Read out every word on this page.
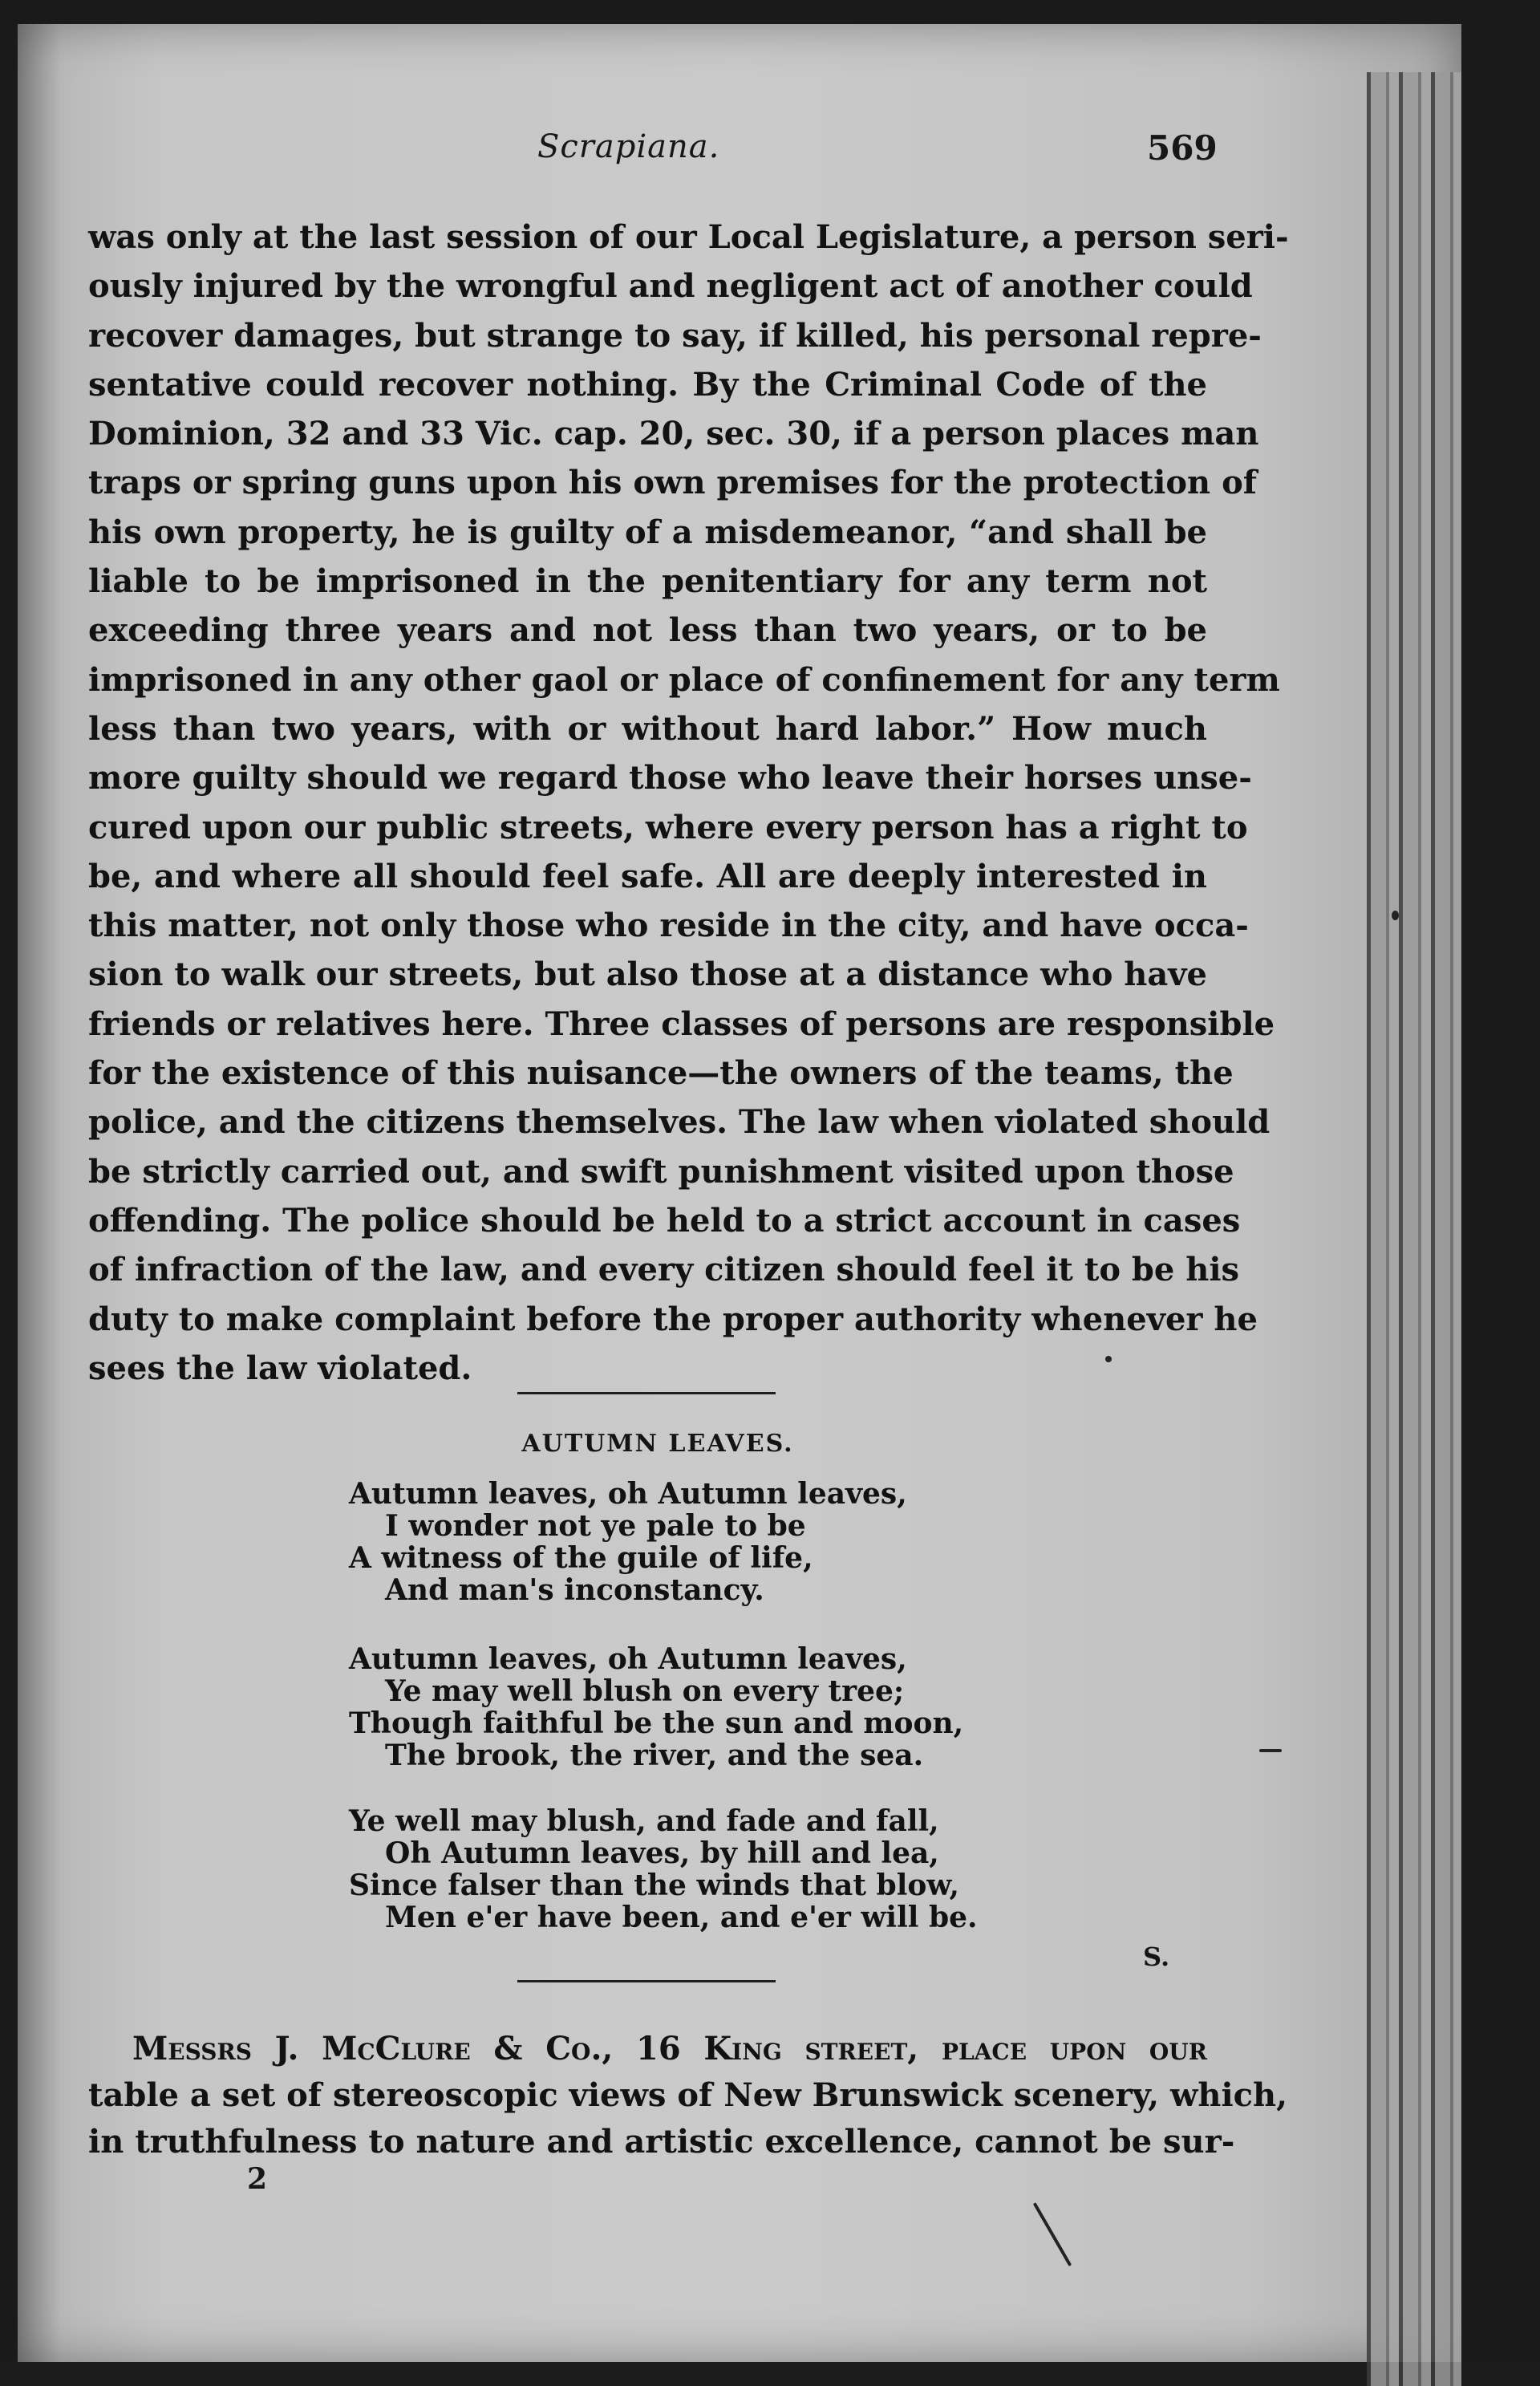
Scrapiana.	569
was only at the last session of our Local Legislature, a person seri-
ously injured by the wrongful and negligent act of another could
recover damages, but strange to say, if killed, his personal repre-
sentative could recover nothing. By the Criminal Code of the
Dominion, 32 and 33 Vic. cap. 20, sec. 30, if a person places man
traps or spring guns upon his own premises for the protection of
his own property, he is guilty of a misdemeanor, “and shall be
liable to be imprisoned in the penitentiary for any term not
exceeding three years and not less than two years, or to be
imprisoned in any other gaol or place of confinement for any term
less than two years, with or without hard labor.” How much
more guilty should we regard those who leave their horses unse-
cured upon our public streets, where every person has a right to
be, and where all should feel safe. All are deeply interested in
this matter, not only those who reside in the city, and have occa-
sion to walk our streets, but also those at a distance who have
friends or relatives here. Three classes of persons are responsible
for the existence of this nuisance—the owners of the teams, the
police, and the citizens themselves. The law when violated should
be strictly carried out, and swift punishment visited upon those
offending. The police should be held to a strict account in cases
of infraction of the law, and every citizen should feel it to be his
duty to make complaint before the proper authority whenever he
sees the law violated.
AUTUMN LEAVES.
Autumn leaves, oh Autumn leaves,
I wonder not ye pale to be
A witness of the guile of life,
And man's inconstancy.
Autumn leaves, oh Autumn leaves,
Ye may well blush on every tree;
Though faithful be the sun and moon,
The brook, the river, and the sea.
Ye well may blush, and fade and fall,
Oh Autumn leaves, by hill and lea,
Since falser than the winds that blow,
Men e'er have been, and e'er will be.
S.
Messrs J. McClure & Co., 16 King street, place upon our
table a set of stereoscopic views of New Brunswick scenery, which,
in truthfulness to nature and artistic excellence, cannot be sur-
2
